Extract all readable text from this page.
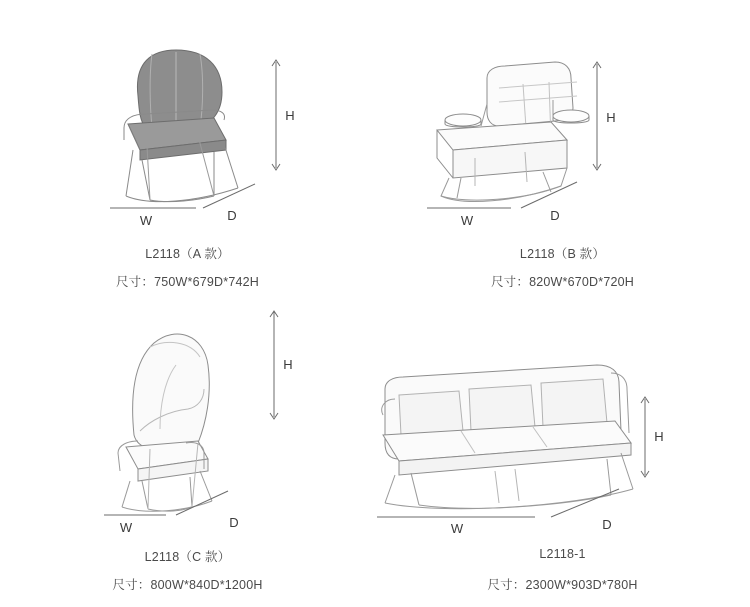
W	D
H
L2118（A 款）
尺寸：750W*679D*742H
W	D
H
L2118（B 款）
尺寸：820W*670D*720H
W	D
H
L2118（C 款）
尺寸：800W*840D*1200H
W	D
H
L2118-1
尺寸：2300W*903D*780H
